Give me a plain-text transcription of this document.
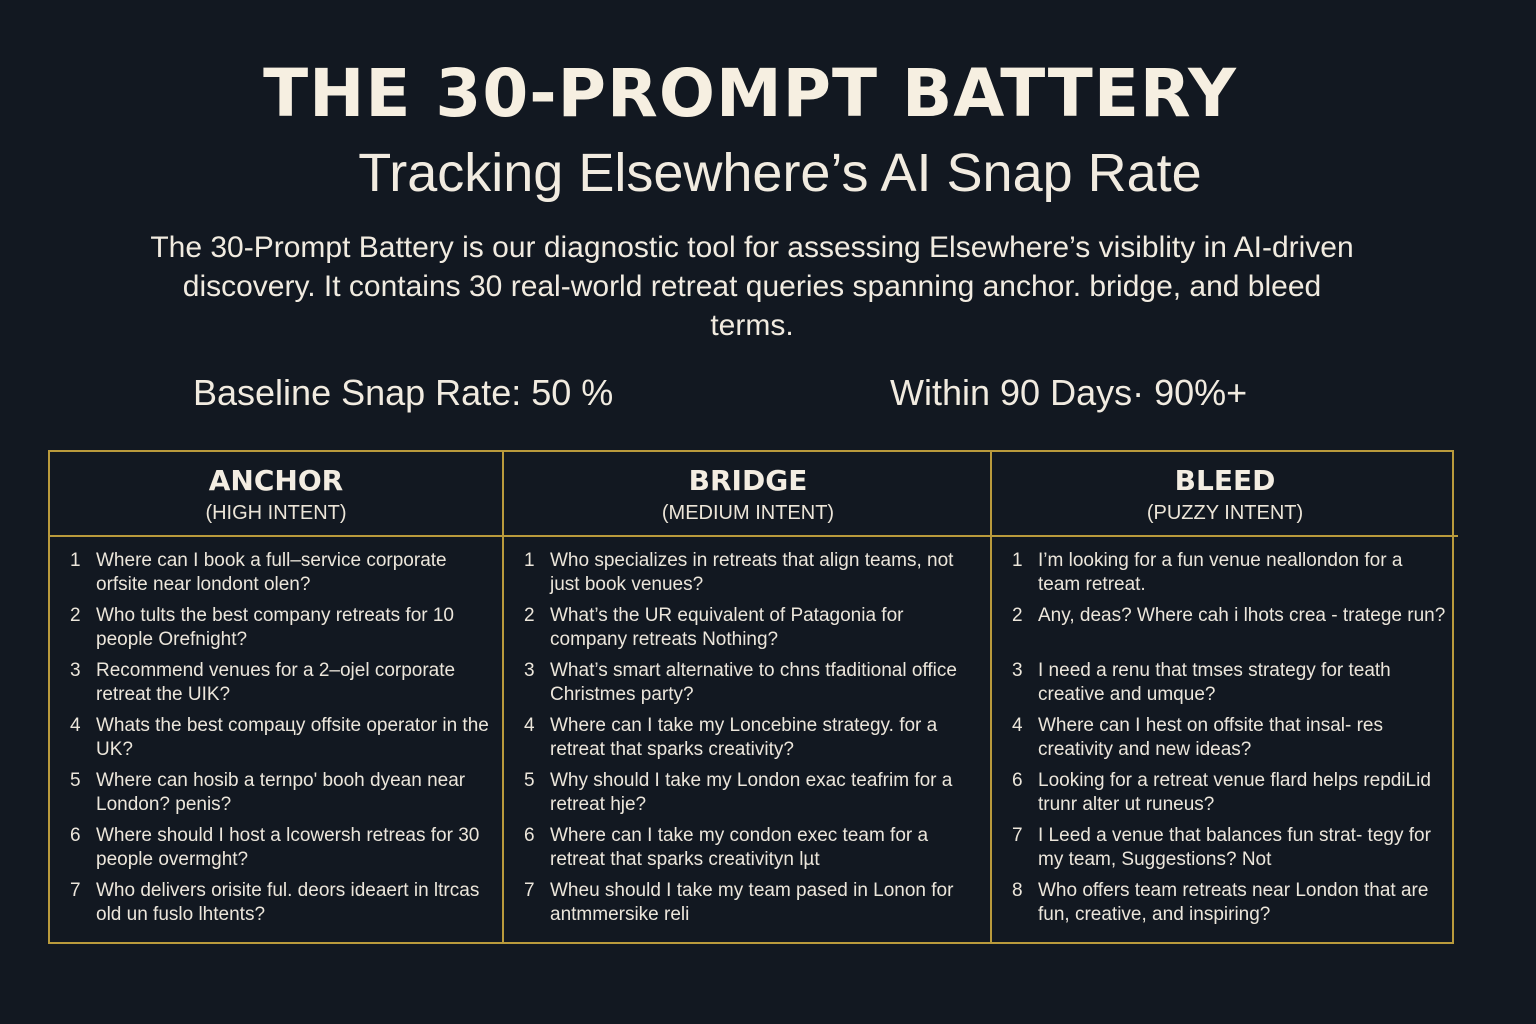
THE 30-PROMPT BATTERY
Tracking Elsewhere’s AI Snap Rate
The 30-Prompt Battery is our diagnostic tool for assessing Elsewhere’s visiblity in AI-driven discovery. It contains 30 real-world retreat queries spanning anchor. bridge, and bleed terms.
Baseline Snap Rate: 50 %	Within 90 Days· 90%+
ANCHOR
(HIGH INTENT)
1 Where can I book a full–service corporate orfsite near londont olen?
2 Who tults the best company retreats for 10 people Orefnight?
3 Recommend venues for a 2–ojel corporate retreat the UIK?
4 Whats the best compaцy offsite operator in the UK?
5 Where can hosib a ternpo' booh dyean near London? penis?
6 Where should I host a lcowersh retreas for 30 people overmght?
7 Who delivers orisite ful. deors ideaert in ltrcas old un fuslo lhtents?
BRIDGE
(MEDIUM INTENT)
1 Who specializes in retreats that align teams, not just book venues?
2 What’s the UR equivalent of Patagonia for company retreats Nothing?
3 What’s smart alternative to chns tfaditional office Christmes party?
4 Where can I take my Loncebine strategy. for a retreat that sparks creativity?
5 Why should I take my London exac teafrim for a retreat hje?
6 Where can I take my condon exec team for a retreat that sparks creativityn lµt
7 Wheu should I take my team pased in Lonon for antmmersike reli
BLEED
(PUZZY INTENT)
1 I’m looking for a fun venue neallondon for a team retreat.
2 Any, deas? Where cah i lhots crea - tratege run?
3 I need a renu that tmses strategy for teath creative and umque?
4 Where can I hest on offsite that insal- res creativity and new ideas?
6 Looking for a retreat venue flard helps repdiLid trunr alter ut runeus?
7 I Leed a venue that balances fun strat- tegy for my team, Suggestions? Not
8 Who offers team retreats near London that are fun, creative, and inspiring?
